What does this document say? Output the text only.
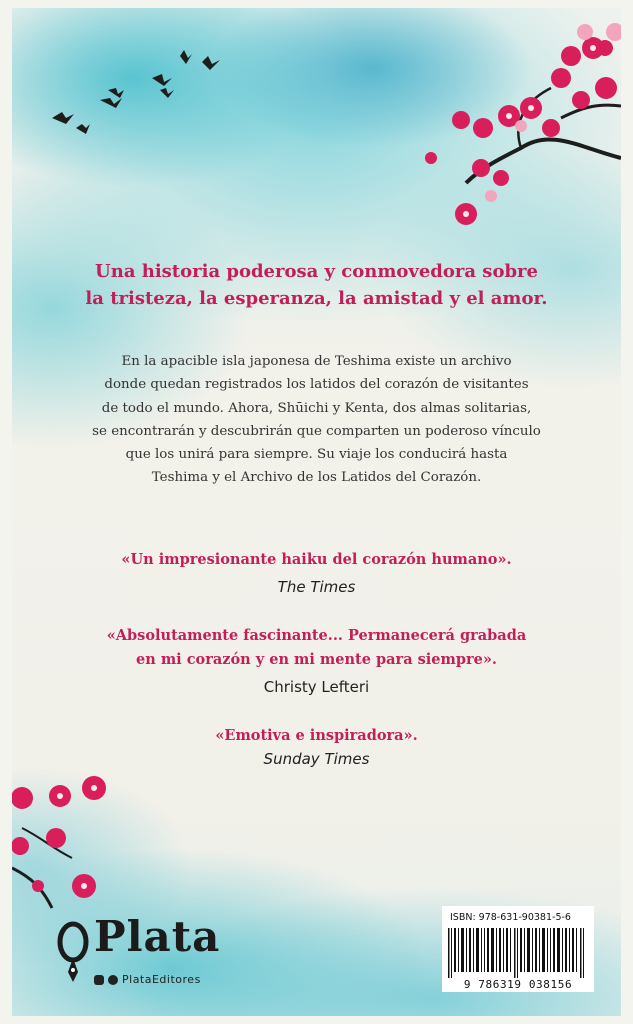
Una historia poderosa y conmovedora sobre
la tristeza, la esperanza, la amistad y el amor.
En la apacible isla japonesa de Teshima existe un archivo
donde quedan registrados los latidos del corazón de visitantes
de todo el mundo. Ahora, Shūichi y Kenta, dos almas solitarias,
se encontrarán y descubrirán que comparten un poderoso vínculo
que los unirá para siempre. Su viaje los conducirá hasta
Teshima y el Archivo de los Latidos del Corazón.
«Un impresionante haiku del corazón humano».
The Times
«Absolutamente fascinante... Permanecerá grabada
en mi corazón y en mi mente para siempre».
Christy Lefteri
«Emotiva e inspiradora».
Sunday Times
Plata
PlataEditores
ISBN: 978-631-90381-5-6
9 786319 038156
